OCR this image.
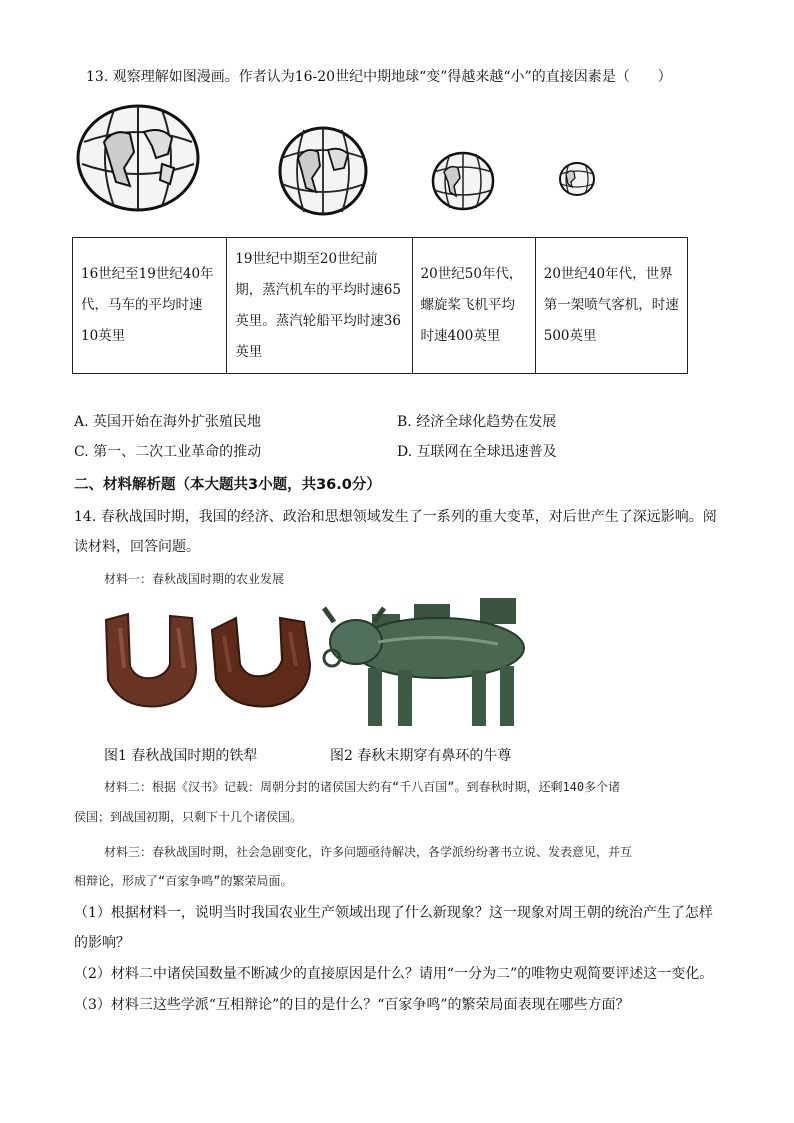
13. 观察理解如图漫画。作者认为16-20世纪中期地球“变”得越来越“小”的直接因素是（　　）
16世纪至19世纪40年代，马车的平均时速10英里	19世纪中期至20世纪前期，蒸汽机车的平均时速65英里。蒸汽轮船平均时速36英里	20世纪50年代，螺旋桨飞机平均时速400英里	20世纪40年代，世界第一架喷气客机，时速500英里
A. 英国开始在海外扩张殖民地	B. 经济全球化趋势在发展
C. 第一、二次工业革命的推动	D. 互联网在全球迅速普及
二、材料解析题（本大题共3小题，共36.0分）
14. 春秋战国时期，我国的经济、政治和思想领域发生了一系列的重大变革，对后世产生了深远影响。阅
读材料，回答问题。
材料一：春秋战国时期的农业发展
图1 春秋战国时期的铁犁	图2 春秋末期穿有鼻环的牛尊
材料二：根据《汉书》记载：周朝分封的诸侯国大约有“千八百国”。到春秋时期，还剩140多个诸
侯国；到战国初期，只剩下十几个诸侯国。
材料三：春秋战国时期，社会急剧变化，许多问题亟待解决，各学派纷纷著书立说、发表意见，并互
相辩论，形成了“百家争鸣”的繁荣局面。
（1）根据材料一，说明当时我国农业生产领域出现了什么新现象？这一现象对周王朝的统治产生了怎样
的影响？
（2）材料二中诸侯国数量不断减少的直接原因是什么？请用“一分为二”的唯物史观简要评述这一变化。
（3）材料三这些学派“互相辩论”的目的是什么？“百家争鸣”的繁荣局面表现在哪些方面？
